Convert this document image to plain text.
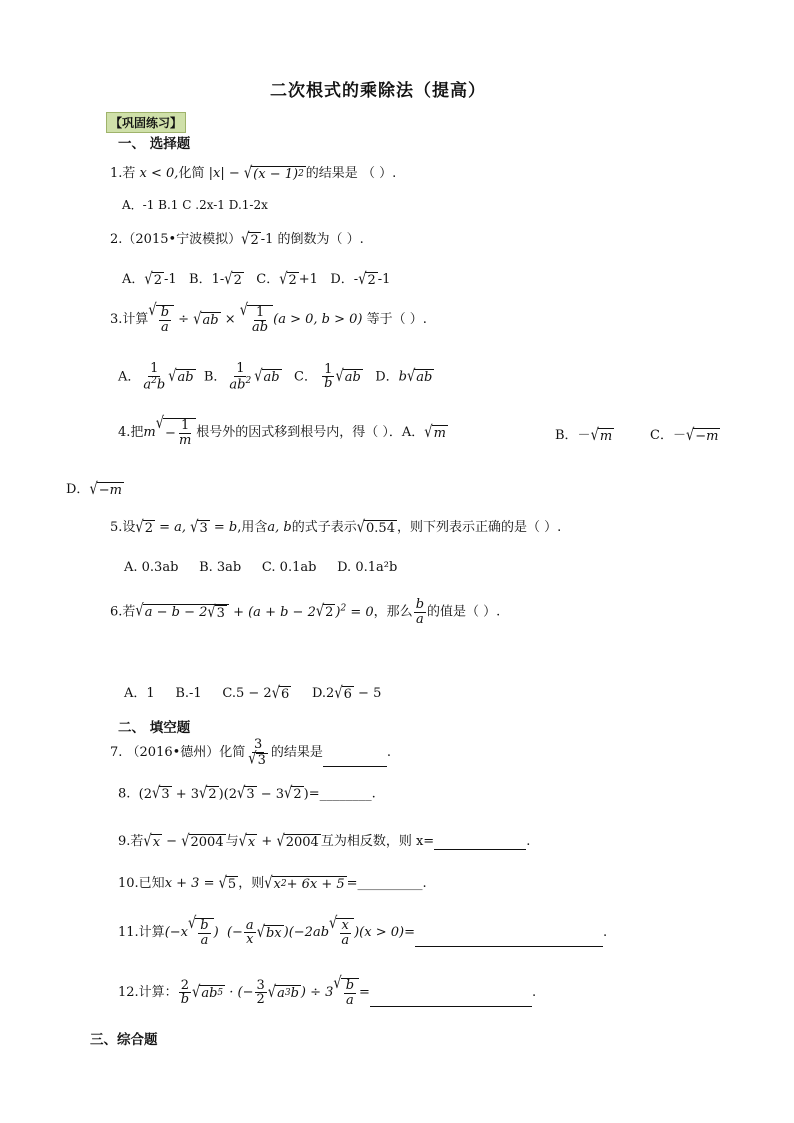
二次根式的乘除法（提高）
【巩固练习】
一、 选择题
1.若 x < 0,化简 |x| − √ (x − 1) 2 的结果是 （ ）.
A．-1 B.1 C .2x-1 D.1-2x
2.（2015•宁波模拟） √ 2 -1 的倒数为（ ）.
A． √ 2 -1 B．1- √ 2 C． √ 2 +1 D．- √ 2 -1
3.计算 √ $\frac{b}{a}$ ÷ √ ab × √ $\frac{1}{ab} (a > 0$, b > 0) 等于（ ）.
A． $\frac{1}{a^2b}$ √ ab B． $\frac{1}{ab^2}$ √ ab C． $\frac{1}{b}$ √ ab D．b √ ab
4.把m √
− $\frac{1}{m}$ 根号外的因式移到根号内，得（ ）．A． √ m	B．－ √ m	C．－ √ −m
D． √ −m
5.设 √ 2 = a, √ 3 = b,用含a, b的式子表示 √ 0.54 ，则下列表示正确的是（ ）.
A. 0.3ab B. 3ab C. 0.1ab D. 0.1a²b
6.若 √ a − b − 2 √ 3 + (a + b − 2 √ 2 )$^2$ = 0，那么 $\frac{b}{a}$ 的值是（ ）.
A．1 B.-1 C.5 − 2 √ 6 D.2 √ 6 − 5
二、 填空题
7. （2016•德州）化简 $\frac{3}{√ 3}$ 的结果是	.
8. (2 √ 3 + 3 √ 2 )(2 √ 3 − 3 √ 2 )=________.
9.若 √ x − √ 2004 与 √ x + √ 2004 互为相反数，则 x=	.
10.已知x + 3 = √ 5 ，则 √ x 2 + 6x + 5 =__________.
11.计算(−x √ $\frac{b}{a}$ )  (− $\frac{a}{x}$ √ bx )(−2ab √ $\frac{x}{a} )(x > 0)=$	.
12.计算： $\frac{2}{b}$ √ ab 5 · (− $\frac{3}{2}$ √ a 3 b ) ÷ 3 √ $\frac{b}{a}$ =	.
三、综合题
